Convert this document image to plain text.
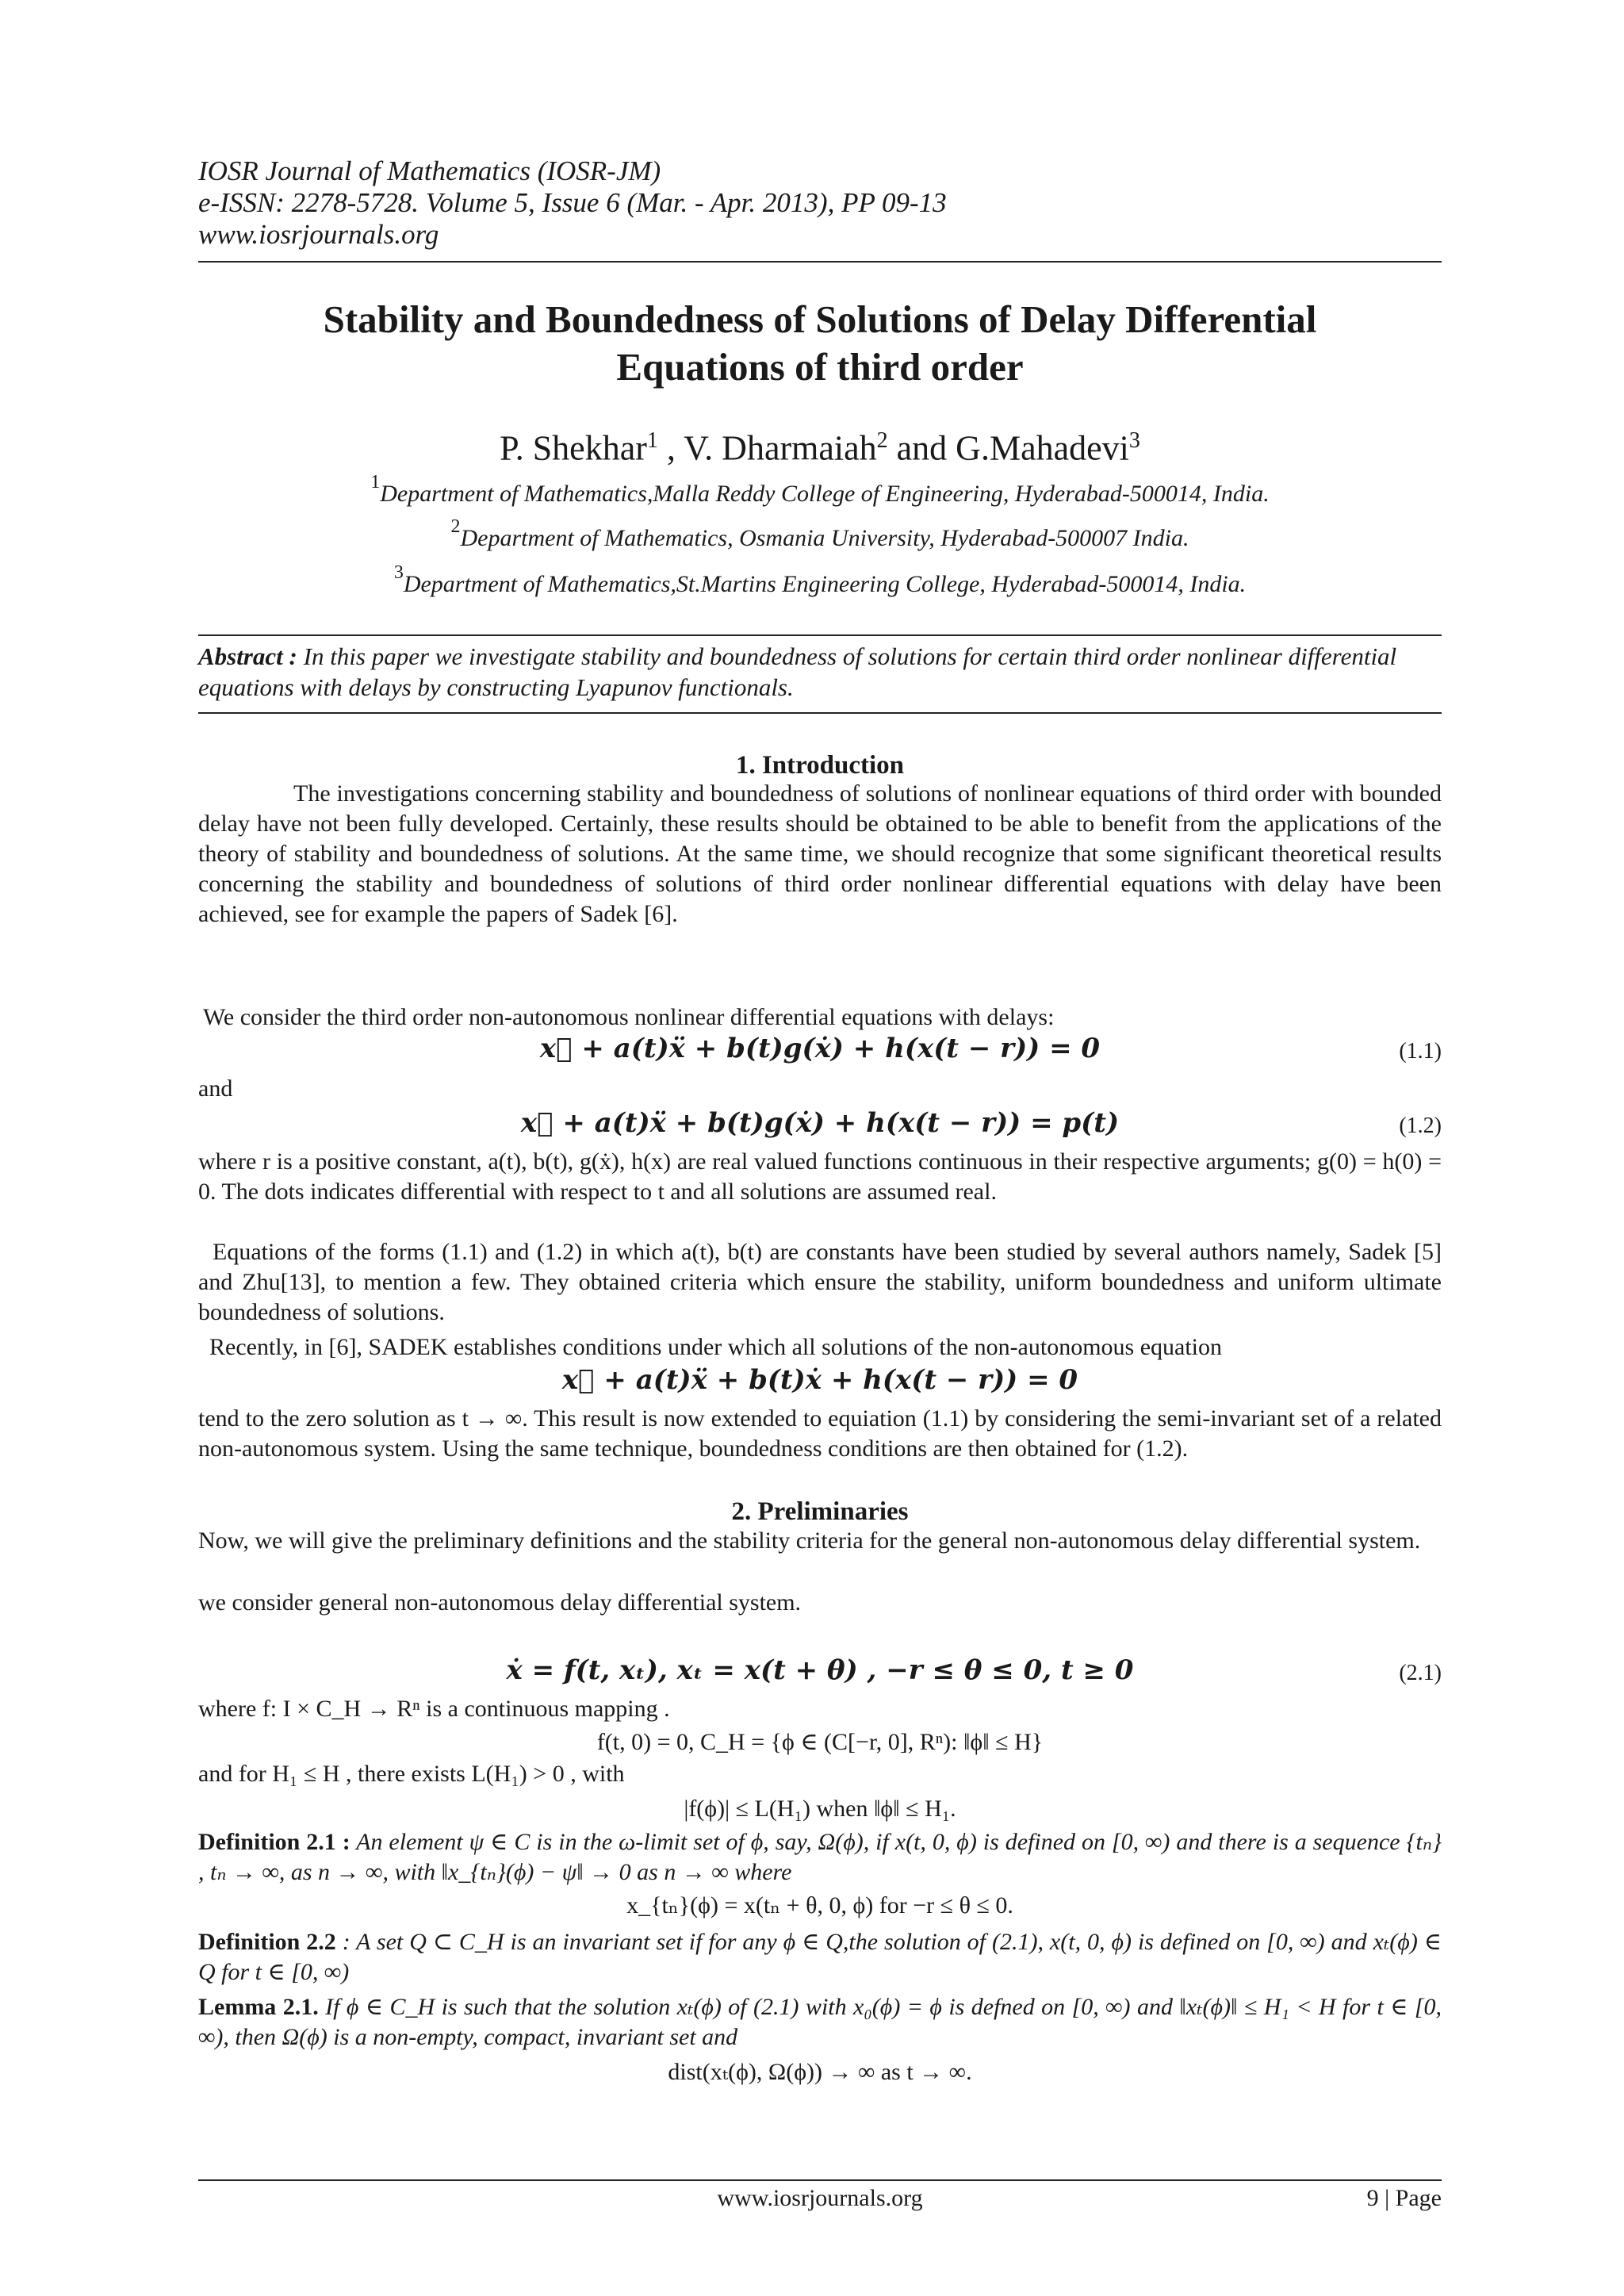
IOSR Journal of Mathematics (IOSR-JM)
e-ISSN: 2278-5728. Volume 5, Issue 6 (Mar. - Apr. 2013), PP 09-13
www.iosrjournals.org
Stability and Boundedness of Solutions of Delay Differential
Equations of third order
P. Shekhar$^1$ , V. Dharmaiah$^2$ and G.Mahadevi$^3$
$^1$Department of Mathematics,Malla Reddy College of Engineering, Hyderabad-500014, India.
$^2$Department of Mathematics, Osmania University, Hyderabad-500007 India.
$^3$Department of Mathematics,St.Martins Engineering College, Hyderabad-500014, India.
Abstract : In this paper we investigate stability and boundedness of solutions for certain third order nonlinear differential equations with delays by constructing Lyapunov functionals.
1. Introduction
The investigations concerning stability and boundedness of solutions of nonlinear equations of third order with bounded delay have not been fully developed. Certainly, these results should be obtained to be able to benefit from the applications of the theory of stability and boundedness of solutions. At the same time, we should recognize that some significant theoretical results concerning the stability and boundedness of solutions of third order nonlinear differential equations with delay have been achieved, see for example the papers of Sadek [6].
We consider the third order non-autonomous nonlinear differential equations with delays:
x⃛ + a(t)ẍ + b(t)g(ẋ) + h(x(t − r)) = 0	(1.1)
and
x⃛ + a(t)ẍ + b(t)g(ẋ) + h(x(t − r)) = p(t)	(1.2)
where r is a positive constant, a(t), b(t), g(ẋ), h(x) are real valued functions continuous in their respective arguments; g(0) = h(0) = 0. The dots indicates differential with respect to t and all solutions are assumed real.
Equations of the forms (1.1) and (1.2) in which a(t), b(t) are constants have been studied by several authors namely, Sadek [5] and Zhu[13], to mention a few. They obtained criteria which ensure the stability, uniform boundedness and uniform ultimate boundedness of solutions.
Recently, in [6], SADEK establishes conditions under which all solutions of the non-autonomous equation
x⃛ + a(t)ẍ + b(t)ẋ + h(x(t − r)) = 0
tend to the zero solution as t → ∞. This result is now extended to equiation (1.1) by considering the semi-invariant set of a related non-autonomous system. Using the same technique, boundedness conditions are then obtained for (1.2).
2. Preliminaries
Now, we will give the preliminary definitions and the stability criteria for the general non-autonomous delay differential system.
we consider general non-autonomous delay differential system.
ẋ = f(t, xₜ), xₜ = x(t + θ) , −r ≤ θ ≤ 0, t ≥ 0	(2.1)
where f: I × C_H → Rⁿ is a continuous mapping .
f(t, 0) = 0, C_H = {ϕ ∈ (C[−r, 0], Rⁿ): ‖ϕ‖ ≤ H}
and for H₁ ≤ H , there exists L(H₁) > 0 , with
|f(ϕ)| ≤ L(H₁) when ‖ϕ‖ ≤ H₁.
Definition 2.1 : An element ψ ∈ C is in the ω-limit set of ϕ, say, Ω(ϕ), if x(t, 0, ϕ) is defined on [0, ∞) and there is a sequence {tₙ} , tₙ → ∞, as n → ∞, with ‖x_{tₙ}(ϕ) − ψ‖ → 0 as n → ∞ where
x_{tₙ}(ϕ) = x(tₙ + θ, 0, ϕ) for −r ≤ θ ≤ 0.
Definition 2.2 : A set Q ⊂ C_H is an invariant set if for any ϕ ∈ Q,the solution of (2.1), x(t, 0, ϕ) is defined on [0, ∞) and xₜ(ϕ) ∈ Q for t ∈ [0, ∞)
Lemma 2.1. If ϕ ∈ C_H is such that the solution xₜ(ϕ) of (2.1) with x₀(ϕ) = ϕ is defned on [0, ∞) and ‖xₜ(ϕ)‖ ≤ H₁ < H for t ∈ [0, ∞), then Ω(ϕ) is a non-empty, compact, invariant set and
dist(xₜ(ϕ), Ω(ϕ)) → ∞ as t → ∞.
www.iosrjournals.org	9 | Page
